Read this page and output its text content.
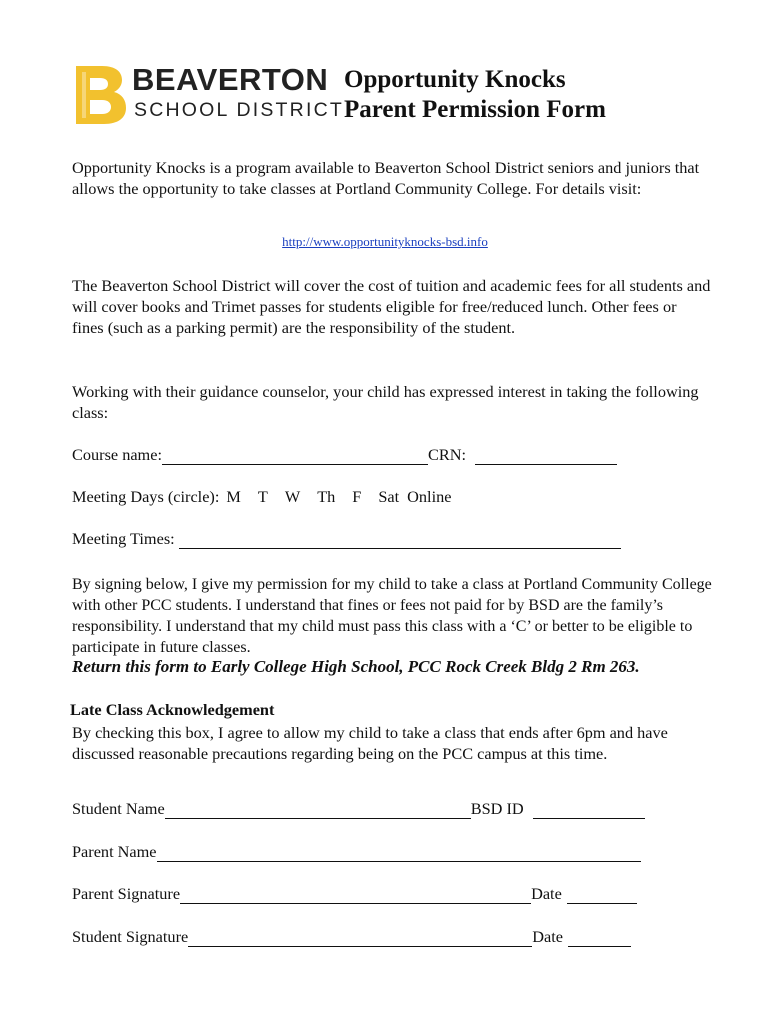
BEAVERTON
SCHOOL DISTRICT
Opportunity Knocks
Parent Permission Form
Opportunity Knocks is a program available to Beaverton School District seniors and juniors that allows the opportunity to take classes at Portland Community College. For details visit:
http://www.opportunityknocks-bsd.info
The Beaverton School District will cover the cost of tuition and academic fees for all students and will cover books and Trimet passes for students eligible for free/reduced lunch. Other fees or fines (such as a parking permit) are the responsibility of the student.
Working with their guidance counselor, your child has expressed interest in taking the following class:
Course name:	CRN:
Meeting Days (circle): M T W Th F Sat Online
Meeting Times:
By signing below, I give my permission for my child to take a class at Portland Community College with other PCC students. I understand that fines or fees not paid for by BSD are the family’s responsibility. I understand that my child must pass this class with a ‘C’ or better to be eligible to participate in future classes.
Return this form to Early College High School, PCC Rock Creek Bldg 2 Rm 263.
Late Class Acknowledgement
By checking this box, I agree to allow my child to take a class that ends after 6pm and have discussed reasonable precautions regarding being on the PCC campus at this time.
Student Name	BSD ID
Parent Name
Parent Signature	Date
Student Signature	Date
